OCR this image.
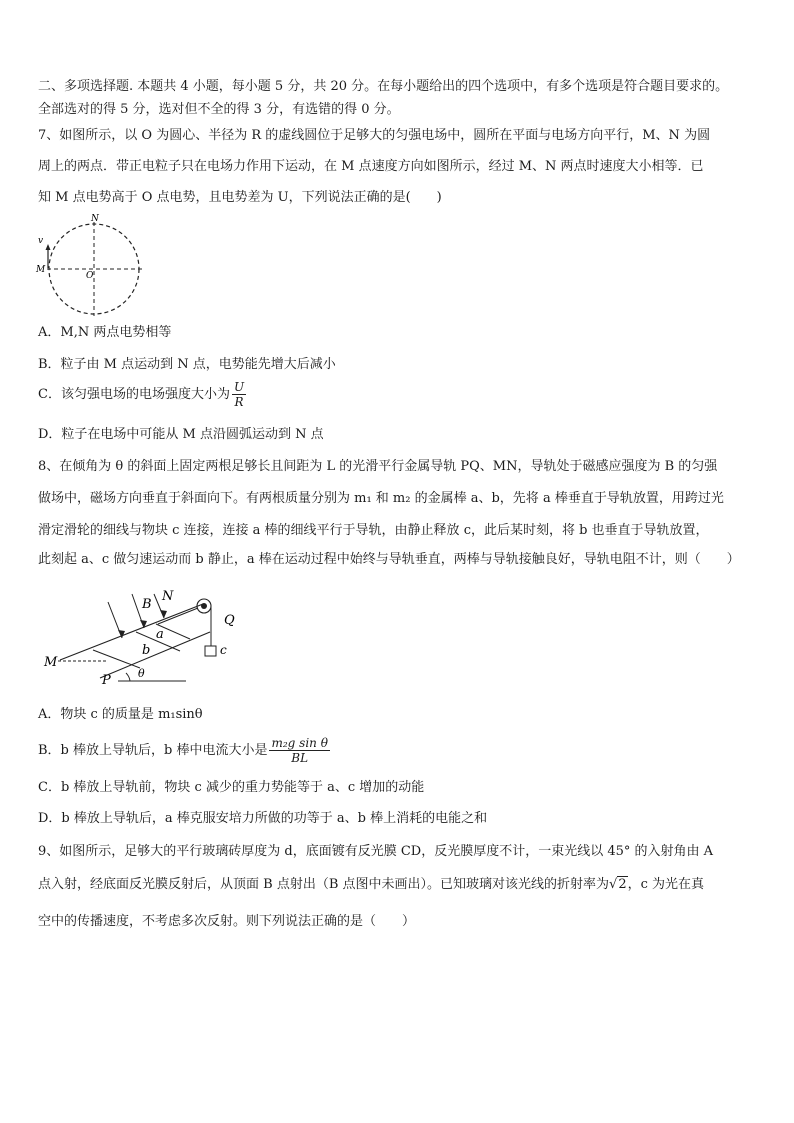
二、多项选择题. 本题共 4 小题，每小题 5 分，共 20 分。在每小题给出的四个选项中，有多个选项是符合题目要求的。
全部选对的得 5 分，选对但不全的得 3 分，有选错的得 0 分。
7、如图所示，以 O 为圆心、半径为 R 的虚线圆位于足够大的匀强电场中，圆所在平面与电场方向平行，M、N 为圆
周上的两点．带正电粒子只在电场力作用下运动，在 M 点速度方向如图所示，经过 M、N 两点时速度大小相等．已
知 M 点电势高于 O 点电势，且电势差为 U，下列说法正确的是(　　)
N
v
M
O
A．M,N 两点电势相等
B．粒子由 M 点运动到 N 点，电势能先增大后减小
C．该匀强电场的电场强度大小为 $\frac{U}{R}$
D．粒子在电场中可能从 M 点沿圆弧运动到 N 点
8、在倾角为 θ 的斜面上固定两根足够长且间距为 L 的光滑平行金属导轨 PQ、MN，导轨处于磁感应强度为 B 的匀强
做场中，磁场方向垂直于斜面向下。有两根质量分别为 m₁ 和 m₂ 的金属棒 a、b，先将 a 棒垂直于导轨放置，用跨过光
滑定滑轮的细线与物块 c 连接，连接 a 棒的细线平行于导轨，由静止释放 c，此后某时刻，将 b 也垂直于导轨放置，
此刻起 a、c 做匀速运动而 b 静止，a 棒在运动过程中始终与导轨垂直，两棒与导轨接触良好，导轨电阻不计，则（　　）
B
N
a
b
Q
c
M
P θ
A．物块 c 的质量是 m₁sinθ
B．b 棒放上导轨后，b 棒中电流大小是 $\frac{\text{m₂g sin θ}}{BL}$
C．b 棒放上导轨前，物块 c 减少的重力势能等于 a、c 增加的动能
D．b 棒放上导轨后，a 棒克服安培力所做的功等于 a、b 棒上消耗的电能之和
9、如图所示，足够大的平行玻璃砖厚度为 d，底面镀有反光膜 CD，反光膜厚度不计，一束光线以 45° 的入射角由 A
点入射，经底面反光膜反射后，从顶面 B 点射出（B 点图中未画出）。已知玻璃对该光线的折射率为√2，c 为光在真
空中的传播速度，不考虑多次反射。则下列说法正确的是（　　）
